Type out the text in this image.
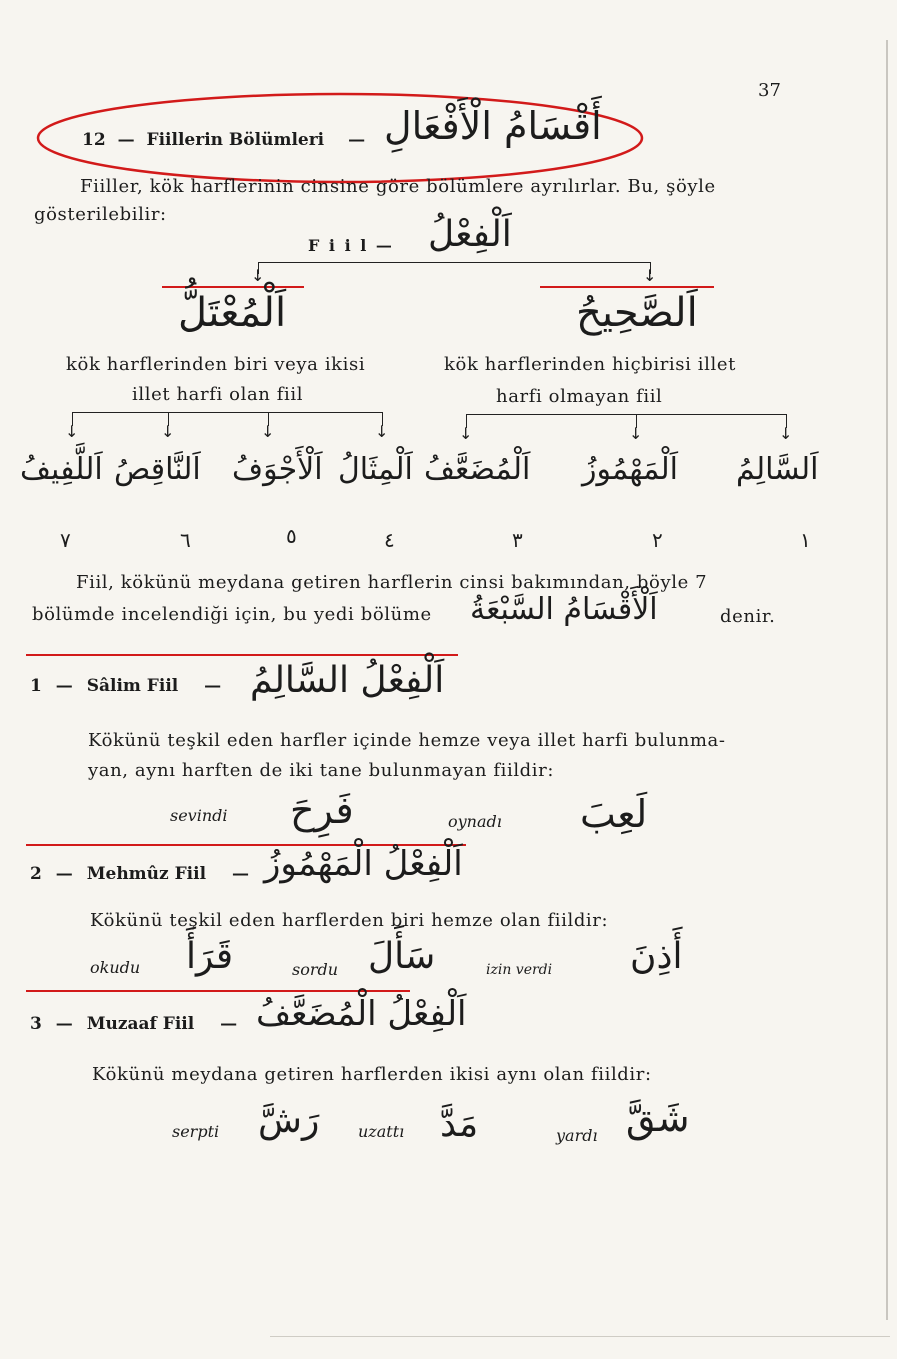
37
12 — Fiillerin Bölümleri — أَقْسَامُ الْأَفْعَالِ
Fiiller, kök harflerinin cinsine göre bölümlere ayrılırlar. Bu, şöyle
gösterilebilir:
F i i l — اَلْفِعْلُ
↓	↓
اَلْمُعْتَلُّ	اَلصَّحِيحُ
kök harflerinden biri veya ikisi
illet harfi olan fiil
kök harflerinden hiçbirisi illet
harfi olmayan fiil
↓	↓	↓	↓	↓	↓	↓
اَللَّفِيفُ اَلنَّاقِصُ اَلْأَجْوَفُ اَلْمِثَالُ اَلْمُضَعَّفُ اَلْمَهْمُوزُ اَلسَّالِمُ
٧	٦	٥	٤	٣	٢	١
Fiil, kökünü meydana getiren harflerin cinsi bakımından, böyle 7
bölümde incelendiği için, bu yedi bölüme اَلْأَقْسَامُ السَّبْعَةُ	denir.
1 — Sâlim Fiil — اَلْفِعْلُ السَّالِمُ
Kökünü teşkil eden harfler içinde hemze veya illet harfi bulunma-
yan, aynı harften de iki tane bulunmayan fiildir:
sevindi فَرِحَ	oynadı لَعِبَ
2 — Mehmûz Fiil — اَلْفِعْلُ الْمَهْمُوزُ
Kökünü teşkil eden harflerden biri hemze olan fiildir:
okudu قَرَأَ	sordu سَأَلَ	izin verdi أَذِنَ
3 — Muzaaf Fiil — اَلْفِعْلُ الْمُضَعَّفُ
Kökünü meydana getiren harflerden ikisi aynı olan fiildir:
serpti رَشَّ uzattı مَدَّ	yardı شَقَّ
